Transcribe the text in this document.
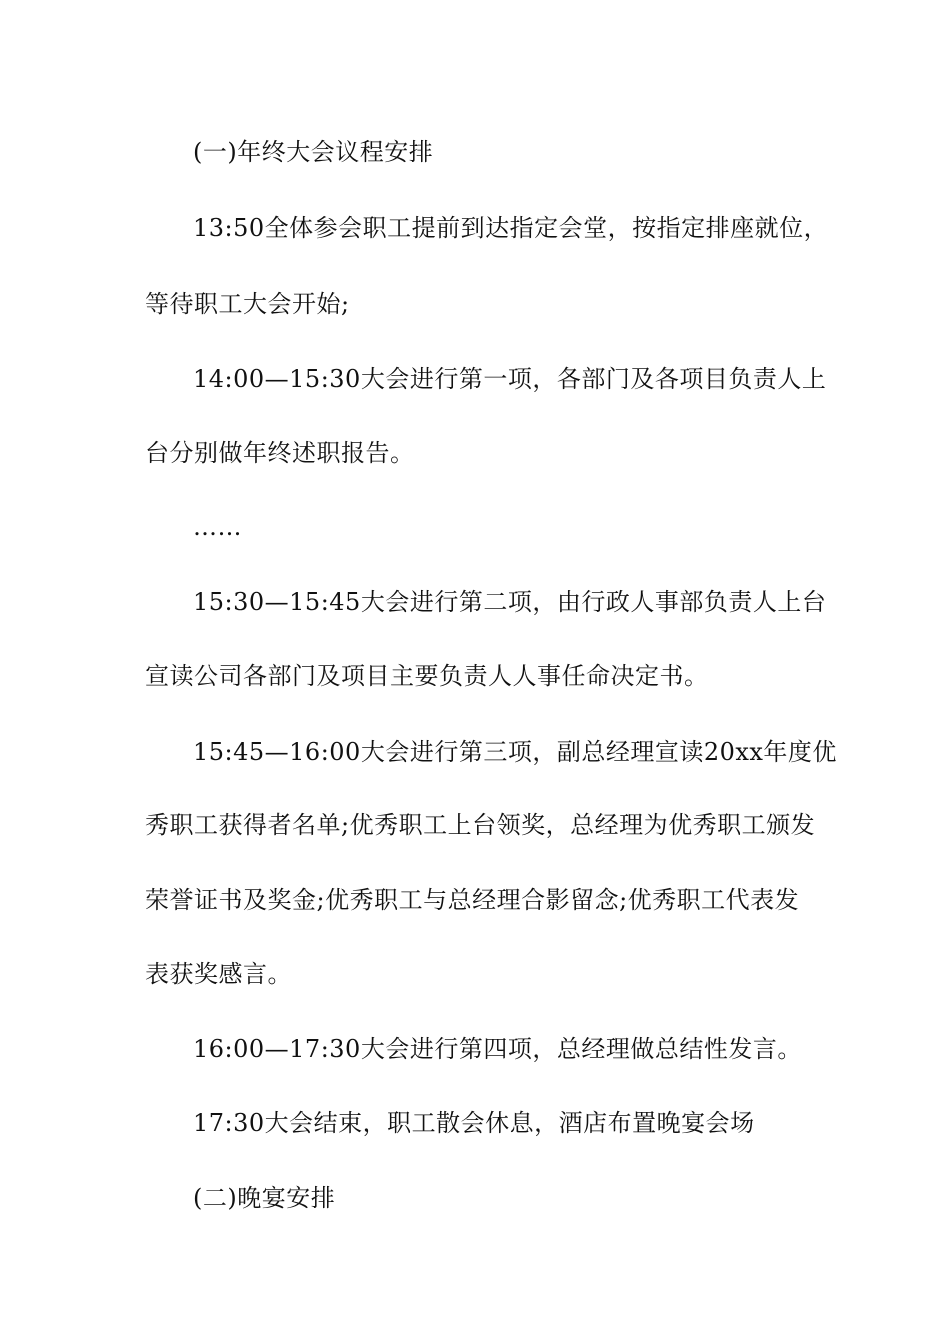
(一)年终大会议程安排
13:50全体参会职工提前到达指定会堂，按指定排座就位，
等待职工大会开始;
14:00—15:30大会进行第一项，各部门及各项目负责人上
台分别做年终述职报告。
……
15:30—15:45大会进行第二项，由行政人事部负责人上台
宣读公司各部门及项目主要负责人人事任命决定书。
15:45—16:00大会进行第三项，副总经理宣读20xx年度优
秀职工获得者名单;优秀职工上台领奖，总经理为优秀职工颁发
荣誉证书及奖金;优秀职工与总经理合影留念;优秀职工代表发
表获奖感言。
16:00—17:30大会进行第四项，总经理做总结性发言。
17:30大会结束，职工散会休息，酒店布置晚宴会场
(二)晚宴安排
